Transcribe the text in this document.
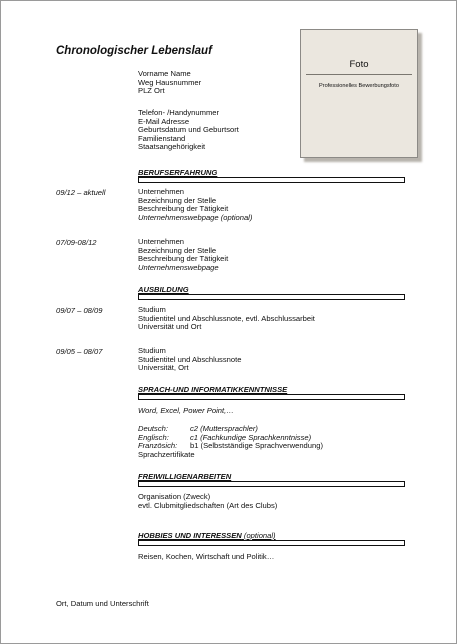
Chronologischer Lebenslauf
Foto
Professionelles Bewerbungsfoto
Vorname Name
Weg Hausnummer
PLZ Ort
Telefon- /Handynummer
E-Mail Adresse
Geburtsdatum und Geburtsort
Familienstand
Staatsangehörigkeit
BERUFSERFAHRUNG
09/12 – aktuell	Unternehmen
Bezeichnung der Stelle
Beschreibung der Tätigkeit
Unternehmenswebpage (optional)
07/09-08/12	Unternehmen
Bezeichnung der Stelle
Beschreibung der Tätigkeit
Unternehmenswebpage
AUSBILDUNG
09/07 – 08/09	Studium
Studientitel und Abschlussnote, evtl. Abschlussarbeit
Universität und Ort
09/05 – 08/07	Studium
Studientitel und Abschlussnote
Universität, Ort
SPRACH-UND INFORMATIKKENNTNISSE
Word, Excel, Power Point,…
Deutsch:	c2 (Muttersprachler)
Englisch:	c1 (Fachkundige Sprachkenntnisse)
Französich: b1 (Selbstständige Sprachverwendung)
Sprachzertifikate
FREIWILLIGENARBEITEN
Organisation (Zweck)
evtl. Clubmitgliedschaften (Art des Clubs)
HOBBIES UND INTERESSEN (optional)
Reisen, Kochen, Wirtschaft und Politik…
Ort, Datum und Unterschrift
